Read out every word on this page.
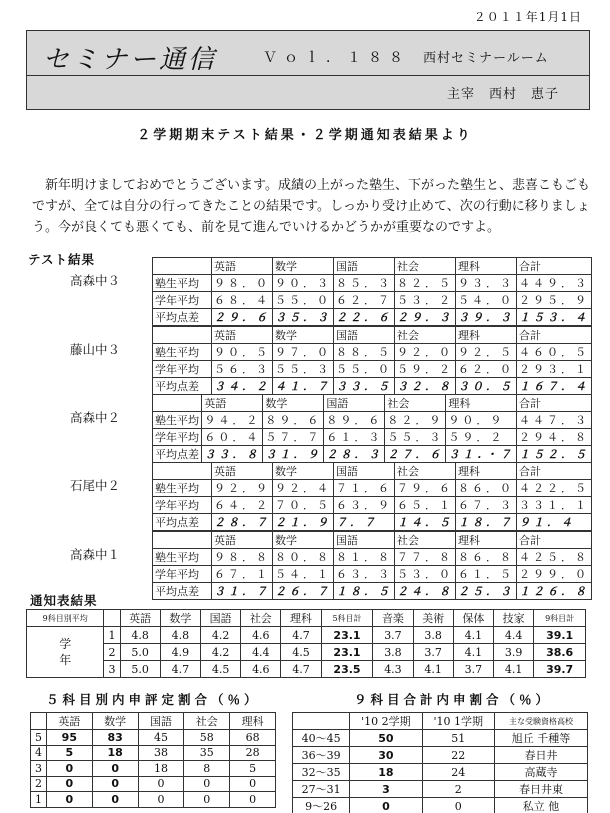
２０１１年1月1日
セミナー通信	Ｖｏｌ．１８８ 西村セミナールーム
主宰　西村　恵子
２学期期末テスト結果・２学期通知表結果より
新年明けましておめでとうございます。成績の上がった塾生、下がった塾生と、悲喜こもごもですが、全ては自分の行ってきたことの結果です。しっかり受け止めて、次の行動に移りましょう。今が良くても悪くても、前を見て進んでいけるかどうかが重要なのですよ。
テスト結果
高森中３
	英語	数学	国語	社会	理科	合計
塾生平均	９８．０	９０．３	８５．３	８２．５	９３．３	４４９．３
学年平均	６８．４	５５．０	６２．７	５３．２	５４．０	２９５．９
平均点差	２９．６	３５．３	２２．６	２９．３	３９．３	１５３．４
藤山中３
	英語	数学	国語	社会	理科	合計
塾生平均	９０．５	９７．０	８８．５	９２．０	９２．５	４６０．５
学年平均	５６．３	５５．３	５５．０	５９．２	６２．０	２９３．１
平均点差	３４．２	４１．７	３３．５	３２．８	３０．５	１６７．４
高森中２
	英語	数学	国語	社会	理科	合計
塾生平均	９４．２	８９．６	８９．６	８２．９	９０．９	４４７．３
学年平均	６０．４	５７．７	６１．３	５５．３	５９．２	２９４．８
平均点差	３３．８	３１．９	２８．３	２７．６	３１.・７	１５２．５
石尾中２
	英語	数学	国語	社会	理科	合計
塾生平均	９２．９	９２．４	７１．６	７９．６	８６．０	４２２．５
学年平均	６４．２	７０．５	６３．９	６５．１	６７．３	３３１．１
平均点差	２８．７	２１．９	７．７	１４．５	１８．７	９１．４
高森中１
	英語	数学	国語	社会	理科	合計
塾生平均	９８．８	８０．８	８１．８	７７．８	８６．８	４２５．８
学年平均	６７．１	５４．１	６３．３	５３．０	６１．５	２９９．０
平均点差	３１．７	２６．７	１８．５	２４．８	２５．３	１２６．８
通知表結果
9科目別平均		英語	数学	国語	社会	理科	5科目計	音楽	美術	保体	技家	9科目計
学
年	1	4.8	4.8	4.2	4.6	4.7	23.1	3.7	3.8	4.1	4.4	39.1
	2	5.0	4.9	4.2	4.4	4.5	23.1	3.8	3.7	4.1	3.9	38.6
	3	5.0	4.7	4.5	4.6	4.7	23.5	4.3	4.1	3.7	4.1	39.7
５科目別内申評定割合（％）	９科目合計内申割合（％）
	英語	数学	国語	社会	理科
5	95	83	45	58	68
4	5	18	38	35	28
3	0	0	18	8	5
2	0	0	0	0	0
1	0	0	0	0	0
	'10 2学期	'10 1学期	主な受験資格高校
40～45	50	51	旭丘 千種等
36～39	30	22	春日井
32～35	18	24	高蔵寺
27～31	3	2	春日井東
9～26	0	0	私立 他
